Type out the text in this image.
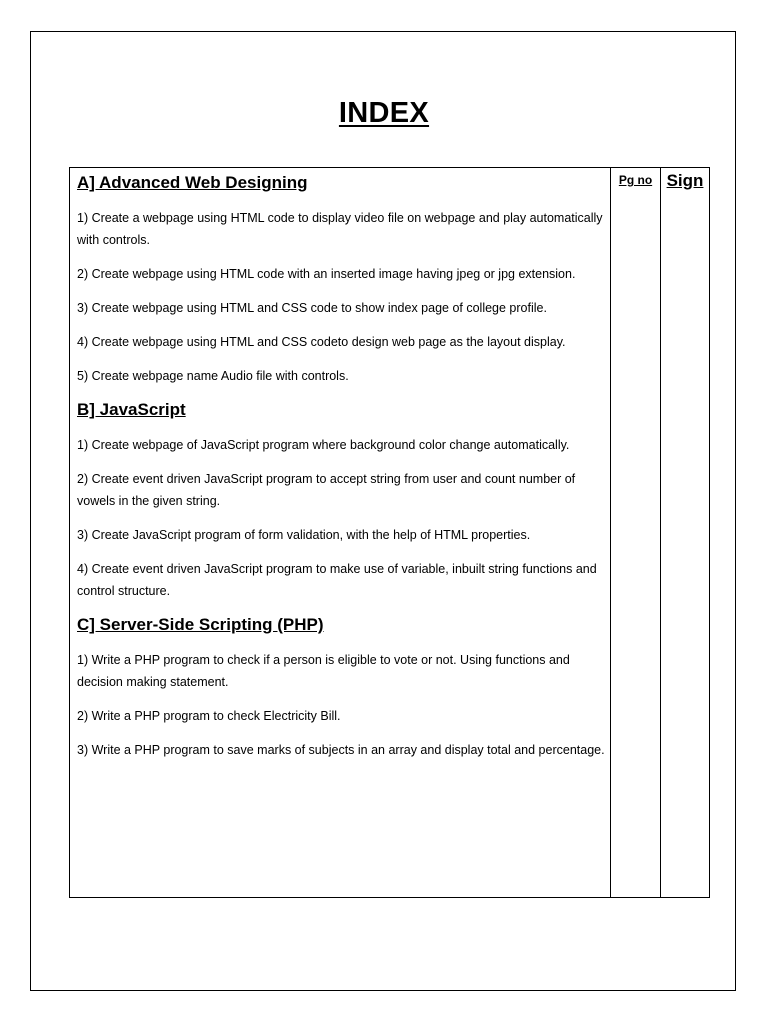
INDEX
A] Advanced Web Designing
1) Create a webpage using HTML code to display video file on webpage and play automatically with controls.
2) Create webpage using HTML code with an inserted image having jpeg or jpg extension.
3) Create webpage using HTML and CSS code to show index page of college profile.
4) Create webpage using HTML and CSS codeto design web page as the layout display.
5) Create webpage name Audio file with controls.
B] JavaScript
1) Create webpage of JavaScript program where background color change automatically.
2) Create event driven JavaScript program to accept string from user and count number of vowels in the given string.
3) Create JavaScript program of form validation, with the help of HTML properties.
4) Create event driven JavaScript program to make use of variable, inbuilt string functions and control structure.
C] Server-Side Scripting (PHP)
1) Write a PHP program to check if a person is eligible to vote or not. Using functions and decision making statement.
2) Write a PHP program to check Electricity Bill.
3) Write a PHP program to save marks of subjects in an array and display total and percentage.
Pg no Sign
